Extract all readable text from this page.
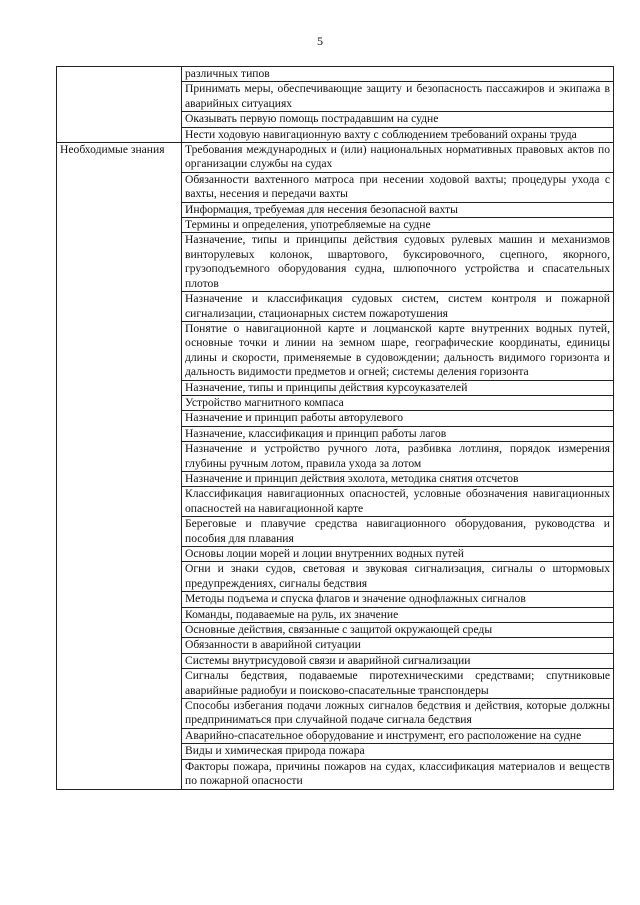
5
	различных типов
	Принимать меры, обеспечивающие защиту и безопасность пассажиров и экипажа в аварийных ситуациях
	Оказывать первую помощь пострадавшим на судне
	Нести ходовую навигационную вахту с соблюдением требований охраны труда
Необходимые знания	Требования международных и (или) национальных нормативных правовых актов по организации службы на судах
	Обязанности вахтенного матроса при несении ходовой вахты; процедуры ухода с вахты, несения и передачи вахты
	Информация, требуемая для несения безопасной вахты
	Термины и определения, употребляемые на судне
	Назначение, типы и принципы действия судовых рулевых машин и механизмов винторулевых колонок, швартового, буксировочного, сцепного, якорного, грузоподъемного оборудования судна, шлюпочного устройства и спасательных плотов
	Назначение и классификация судовых систем, систем контроля и пожарной сигнализации, стационарных систем пожаротушения
	Понятие о навигационной карте и лоцманской карте внутренних водных путей, основные точки и линии на земном шаре, географические координаты, единицы длины и скорости, применяемые в судовождении; дальность видимого горизонта и дальность видимости предметов и огней; системы деления горизонта
	Назначение, типы и принципы действия курсоуказателей
	Устройство магнитного компаса
	Назначение и принцип работы авторулевого
	Назначение, классификация и принцип работы лагов
	Назначение и устройство ручного лота, разбивка лотлиня, порядок измерения глубины ручным лотом, правила ухода за лотом
	Назначение и принцип действия эхолота, методика снятия отсчетов
	Классификация навигационных опасностей, условные обозначения навигационных опасностей на навигационной карте
	Береговые и плавучие средства навигационного оборудования, руководства и пособия для плавания
	Основы лоции морей и лоции внутренних водных путей
	Огни и знаки судов, световая и звуковая сигнализация, сигналы о штормовых предупреждениях, сигналы бедствия
	Методы подъема и спуска флагов и значение однофлажных сигналов
	Команды, подаваемые на руль, их значение
	Основные действия, связанные с защитой окружающей среды
	Обязанности в аварийной ситуации
	Системы внутрисудовой связи и аварийной сигнализации
	Сигналы бедствия, подаваемые пиротехническими средствами; спутниковые аварийные радиобуи и поисково-спасательные транспондеры
	Способы избегания подачи ложных сигналов бедствия и действия, которые должны предприниматься при случайной подаче сигнала бедствия
	Аварийно-спасательное оборудование и инструмент, его расположение на судне
	Виды и химическая природа пожара
	Факторы пожара, причины пожаров на судах, классификация материалов и веществ по пожарной опасности
